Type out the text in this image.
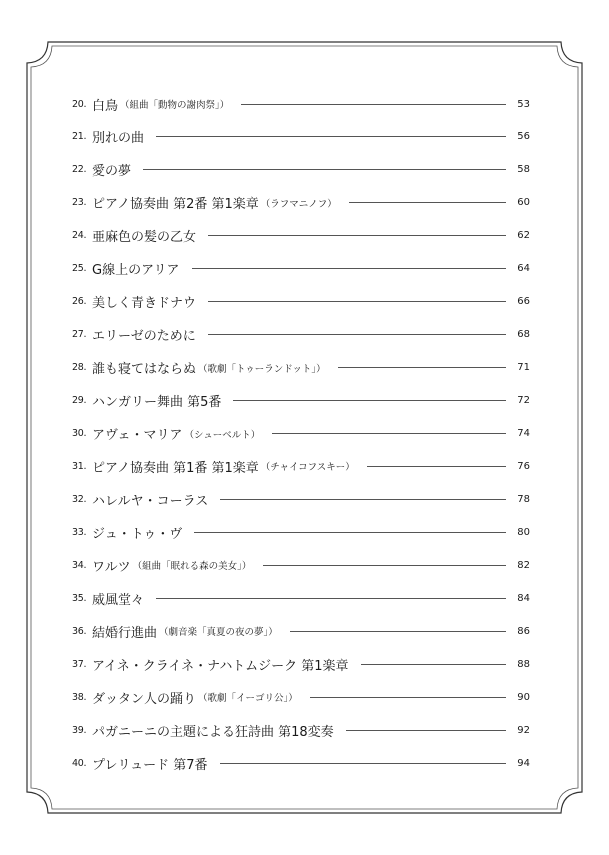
20. 白鳥 （組曲「動物の謝肉祭」）	53
21. 別れの曲	56
22. 愛の夢	58
23. ピアノ協奏曲 第2番 第1楽章 （ラフマニノフ）	60
24. 亜麻色の髪の乙女	62
25. G線上のアリア	64
26. 美しく青きドナウ	66
27. エリーゼのために	68
28. 誰も寝てはならぬ （歌劇「トゥーランドット」）	71
29. ハンガリー舞曲 第5番	72
30. アヴェ・マリア （シューベルト）	74
31. ピアノ協奏曲 第1番 第1楽章 （チャイコフスキー）	76
32. ハレルヤ・コーラス	78
33. ジュ・トゥ・ヴ	80
34. ワルツ （組曲「眠れる森の美女」）	82
35. 威風堂々	84
36. 結婚行進曲 （劇音楽「真夏の夜の夢」）	86
37. アイネ・クライネ・ナハトムジーク 第1楽章	88
38. ダッタン人の踊り （歌劇「イーゴリ公」）	90
39. パガニーニの主題による狂詩曲 第18変奏	92
40. プレリュード 第7番	94
